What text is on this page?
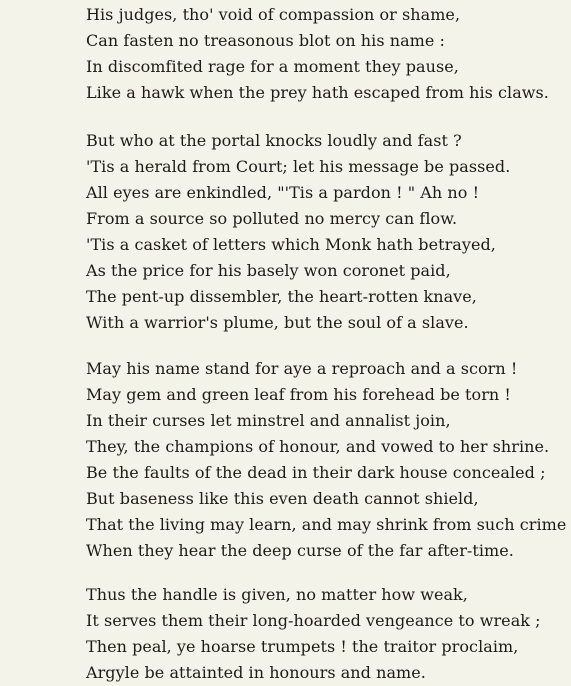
His judges, tho' void of compassion or shame,
Can fasten no treasonous blot on his name :
In discomfited rage for a moment they pause,
Like a hawk when the prey hath escaped from his claws.
But who at the portal knocks loudly and fast ?
'Tis a herald from Court; let his message be passed.
All eyes are enkindled, "'Tis a pardon ! " Ah no !
From a source so polluted no mercy can flow.
'Tis a casket of letters which Monk hath betrayed,
As the price for his basely won coronet paid,
The pent-up dissembler, the heart-rotten knave,
With a warrior's plume, but the soul of a slave.
May his name stand for aye a reproach and a scorn !
May gem and green leaf from his forehead be torn !
In their curses let minstrel and annalist join,
They, the champions of honour, and vowed to her shrine.
Be the faults of the dead in their dark house concealed ;
But baseness like this even death cannot shield,
That the living may learn, and may shrink from such crime
When they hear the deep curse of the far after-time.
Thus the handle is given, no matter how weak,
It serves them their long-hoarded vengeance to wreak ;
Then peal, ye hoarse trumpets ! the traitor proclaim,
Argyle be attainted in honours and name.
